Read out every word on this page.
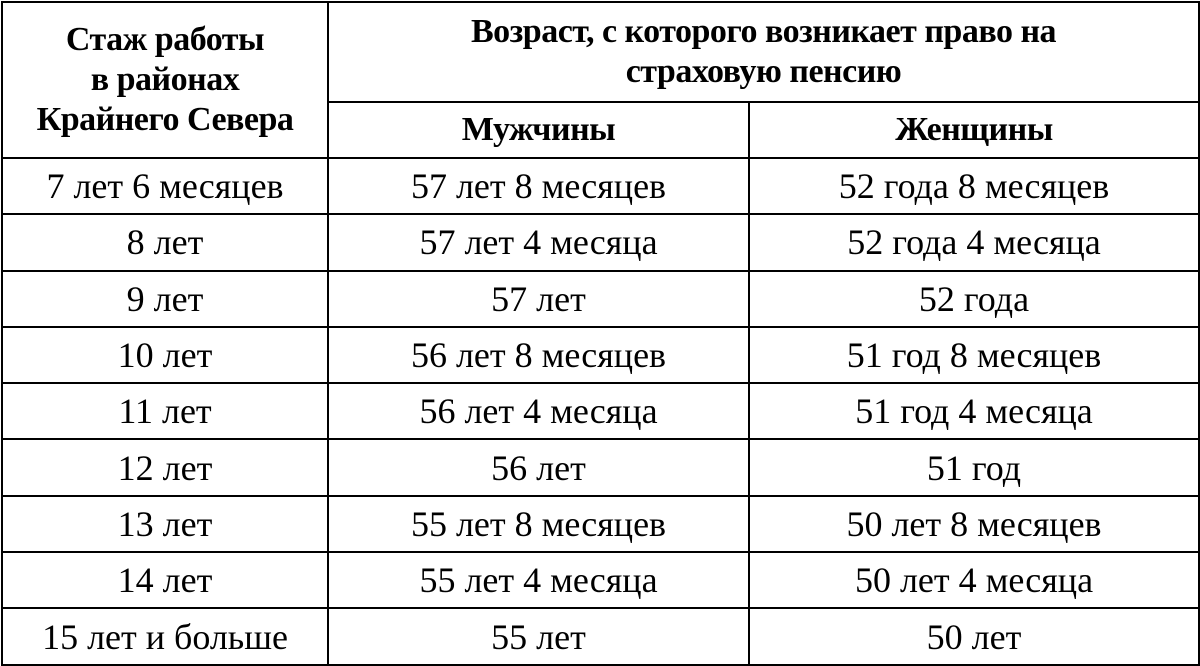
Стаж работы
в районах
Крайнего Севера	Возраст, с которого возникает право на
страховую пенсию	

	Мужчины	Женщины
7 лет 6 месяцев	57 лет 8 месяцев	52 года 8 месяцев
8 лет	57 лет 4 месяца	52 года 4 месяца
9 лет	57 лет	52 года
10 лет	56 лет 8 месяцев	51 год 8 месяцев
11 лет	56 лет 4 месяца	51 год 4 месяца
12 лет	56 лет	51 год
13 лет	55 лет 8 месяцев	50 лет 8 месяцев
14 лет	55 лет 4 месяца	50 лет 4 месяца
15 лет и больше	55 лет	50 лет
